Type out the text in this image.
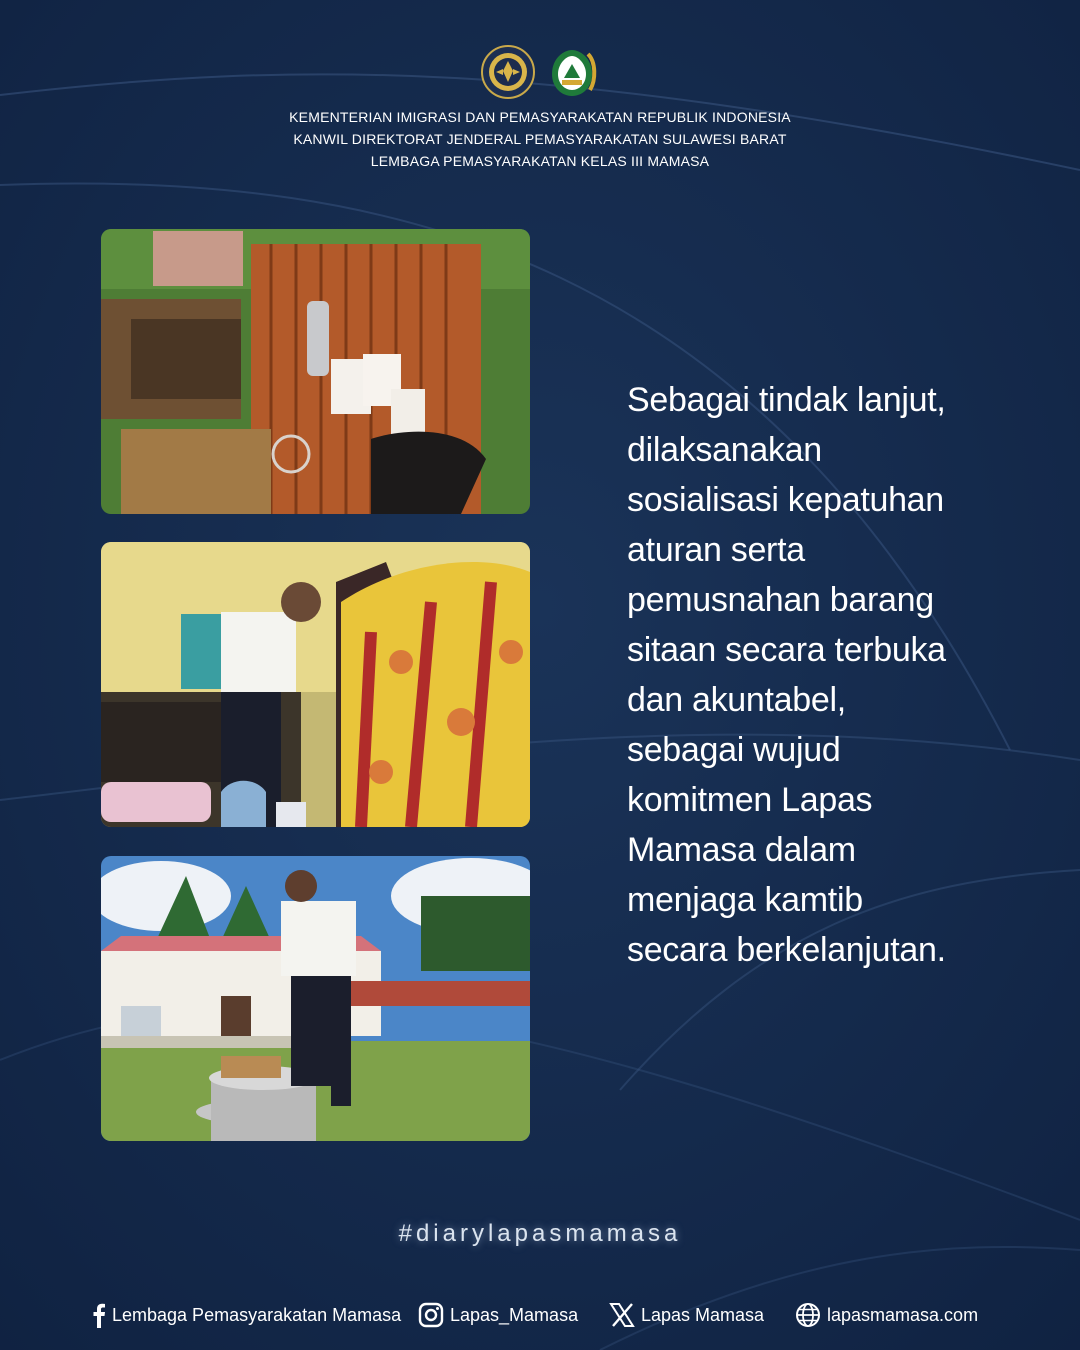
KEMENTERIAN IMIGRASI DAN PEMASYARAKATAN REPUBLIK INDONESIA
KANWIL DIREKTORAT JENDERAL PEMASYARAKATAN SULAWESI BARAT
LEMBAGA PEMASYARAKATAN KELAS III MAMASA
Sebagai tindak lanjut,
dilaksanakan
sosialisasi kepatuhan
aturan serta
pemusnahan barang
sitaan secara terbuka
dan akuntabel,
sebagai wujud
komitmen Lapas
Mamasa dalam
menjaga kamtib
secara berkelanjutan.
#diarylapasmamasa
Lembaga Pemasyarakatan Mamasa	Lapas_Mamasa	Lapas Mamasa	lapasmamasa.com
